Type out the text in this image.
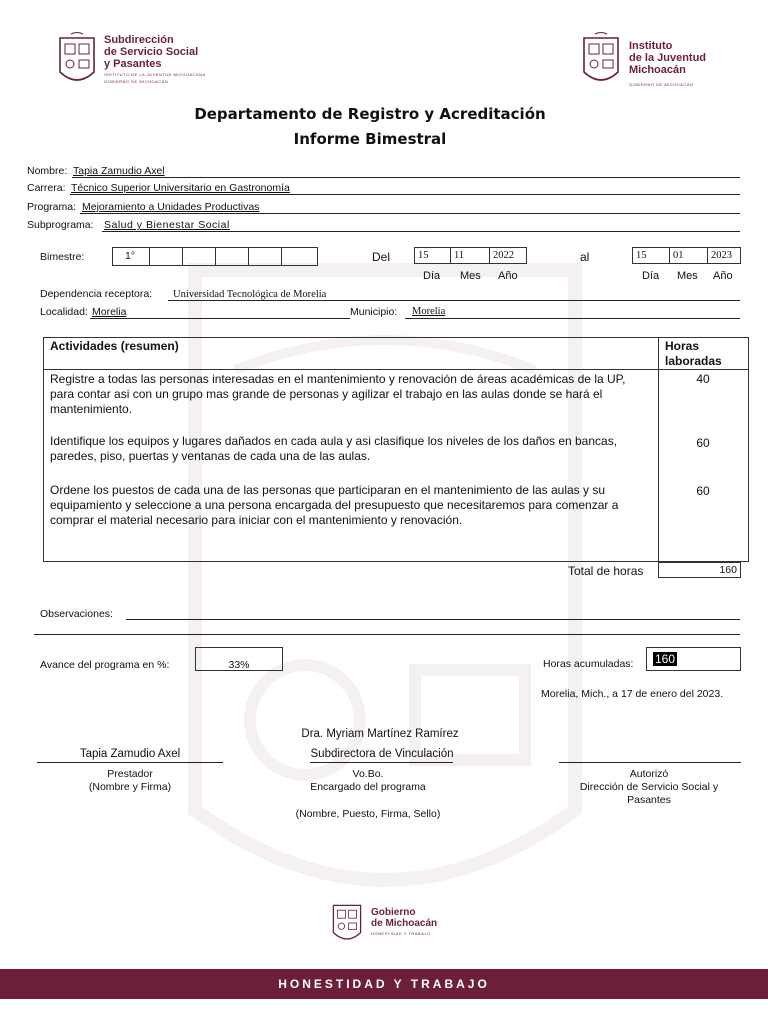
Subdirección
de Servicio Social
y Pasantes
INSTITUTO DE LA JUVENTUD MICHOACANA
GOBIERNO DE MICHOACÁN
Instituto
de la Juventud
Michoacán
GOBIERNO DE MICHOACÁN
Departamento de Registro y Acreditación
Informe Bimestral
Nombre: Tapia Zamudio Axel
Carrera: Técnico Superior Universitario en Gastronomía
Programa: Mejoramiento a Unidades Productivas
Subprograma: Salud y Bienestar Social
Bimestre:	1°	Del	15	11	2022
Día Mes Año
al	15	01	2023
Día Mes Año
Dependencia receptora: Universidad Tecnológica de Morelia
Localidad: Morelia	Municipio: Morelia
Actividades (resumen)	Horas
laboradas
Registre a todas las personas interesadas en el mantenimiento y renovación de áreas académicas de la UP, para contar asi con un grupo mas grande de personas y agilizar el trabajo en las aulas donde se hará el mantenimiento.
40
Identifique los equipos y lugares dañados en cada aula y asi clasifique los niveles de los daños en bancas, paredes, piso, puertas y ventanas de cada una de las aulas.
60
Ordene los puestos de cada una de las personas que participaran en el mantenimiento de las aulas y su equipamiento y seleccione a una persona encargada del presupuesto que necesitaremos para comenzar a comprar el material necesario para iniciar con el mantenimiento y renovación.
60
Total de horas	160
Observaciones:
Avance del programa en %:	33%	Horas acumuladas: 160
Morelia, Mich., a 17 de enero del 2023.
Dra. Myriam Martínez Ramírez
Tapia Zamudio Axel	Subdirectora de Vinculación
Prestador
(Nombre y Firma)
Vo.Bo.
Encargado del programa
(Nombre, Puesto, Firma, Sello)
Autorizó
Dirección de Servicio Social y
Pasantes
Gobierno
de Michoacán
HONESTIDAD Y TRABAJO
HONESTIDAD Y TRABAJO
